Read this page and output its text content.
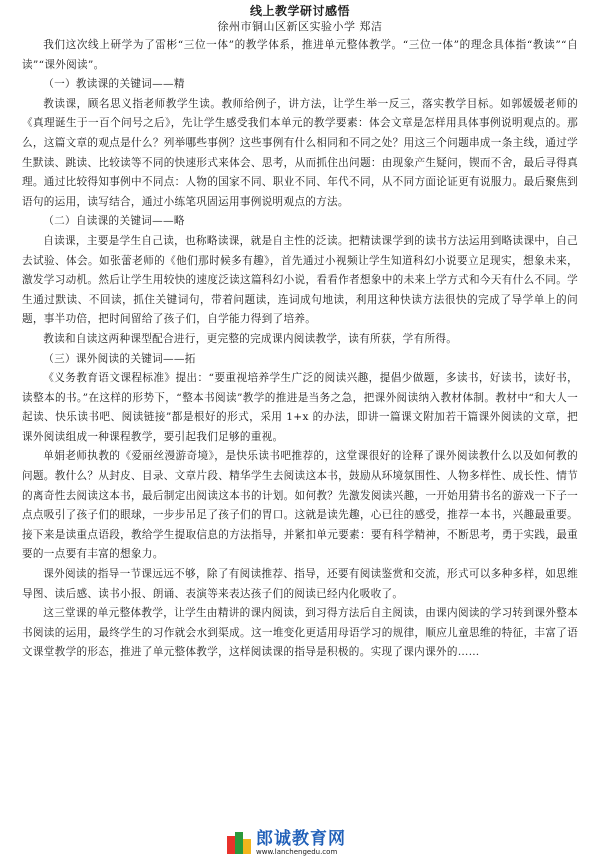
线上教学研讨感悟

徐州市铜山区新区实验小学 郑洁

我们这次线上研学为了雷彬“三位一体”的教学体系，推进单元整体教学。“三位一体”的理念具体指“教读”“自读”“课外阅读”。

（一）教读课的关键词——精

教读课，顾名思义指老师教学生读。教师给例子，讲方法，让学生举一反三，落实教学目标。如郭媛媛老师的《真理诞生于一百个问号之后》，先让学生感受我们本单元的教学要素：体会文章是怎样用具体事例说明观点的。那么，这篇文章的观点是什么？列举哪些事例？这些事例有什么相同和不同之处？用这三个问题串成一条主线，通过学生默读、跳读、比较读等不同的快速形式来体会、思考，从而抓住出问题：由现象产生疑问，锲而不舍，最后寻得真理。通过比较得知事例中不同点：人物的国家不同、职业不同、年代不同，从不同方面论证更有说服力。最后聚焦到语句的运用，读写结合，通过小练笔巩固运用事例说明观点的方法。

（二）自读课的关键词——略

自读课，主要是学生自己读，也称略读课，就是自主性的泛读。把精读课学到的读书方法运用到略读课中，自己去试验、体会。如张蕾老师的《他们那时候多有趣》，首先通过小视频让学生知道科幻小说要立足现实，想象未来，激发学习动机。然后让学生用较快的速度泛读这篇科幻小说，看看作者想象中的未来上学方式和今天有什么不同。学生通过默读、不回读，抓住关键词句，带着问题读，连词成句地读，利用这种快读方法很快的完成了导学单上的问题，事半功倍，把时间留给了孩子们，自学能力得到了培养。

教读和自读这两种课型配合进行，更完整的完成课内阅读教学，读有所获，学有所得。

（三）课外阅读的关键词——拓

《义务教育语文课程标准》提出：“要重视培养学生广泛的阅读兴趣，提倡少做题，多读书，好读书，读好书，读整本的书。”在这样的形势下，“整本书阅读”教学的推进是当务之急，把课外阅读纳入教材体制。教材中“和大人一起读、快乐读书吧、阅读链接”都是根好的形式，采用 1+x 的办法，即讲一篇课文附加若干篇课外阅读的文章，把课外阅读组成一种课程教学，要引起我们足够的重视。

单娟老师执教的《爱丽丝漫游奇境》，是快乐读书吧推荐的，这堂课很好的诠释了课外阅读教什么以及如何教的问题。教什么？从封皮、目录、文章片段、精华学生去阅读这本书，鼓励从环境氛围性、人物多样性、成长性、情节的离奇性去阅读这本书，最后制定出阅读这本书的计划。如何教？先激发阅读兴趣，一开始用猜书名的游戏一下子一点点吸引了孩子们的眼球，一步步吊足了孩子们的胃口。这就是读先趣，心已往的感受，推荐一本书，兴趣最重要。接下来是读重点语段，教给学生提取信息的方法指导，并紧扣单元要素：要有科学精神，不断思考，勇于实践，最重要的一点要有丰富的想象力。

课外阅读的指导一节课远远不够，除了有阅读推荐、指导，还要有阅读鉴赏和交流，形式可以多种多样，如思维导图、读后感、读书小报、朗诵、表演等来表达孩子们的阅读已经内化吸收了。

这三堂课的单元整体教学，让学生由精讲的课内阅读，到习得方法后自主阅读，由课内阅读的学习转到课外整本书阅读的运用，最终学生的习作就会水到渠成。这一堆变化更适用母语学习的规律，顺应儿童思维的特征，丰富了语文课堂教学的形态，推进了单元整体教学，这样阅读课的指导是积极的。实现了课内课外的……

郎诚教育网
www.lanchengedu.com
